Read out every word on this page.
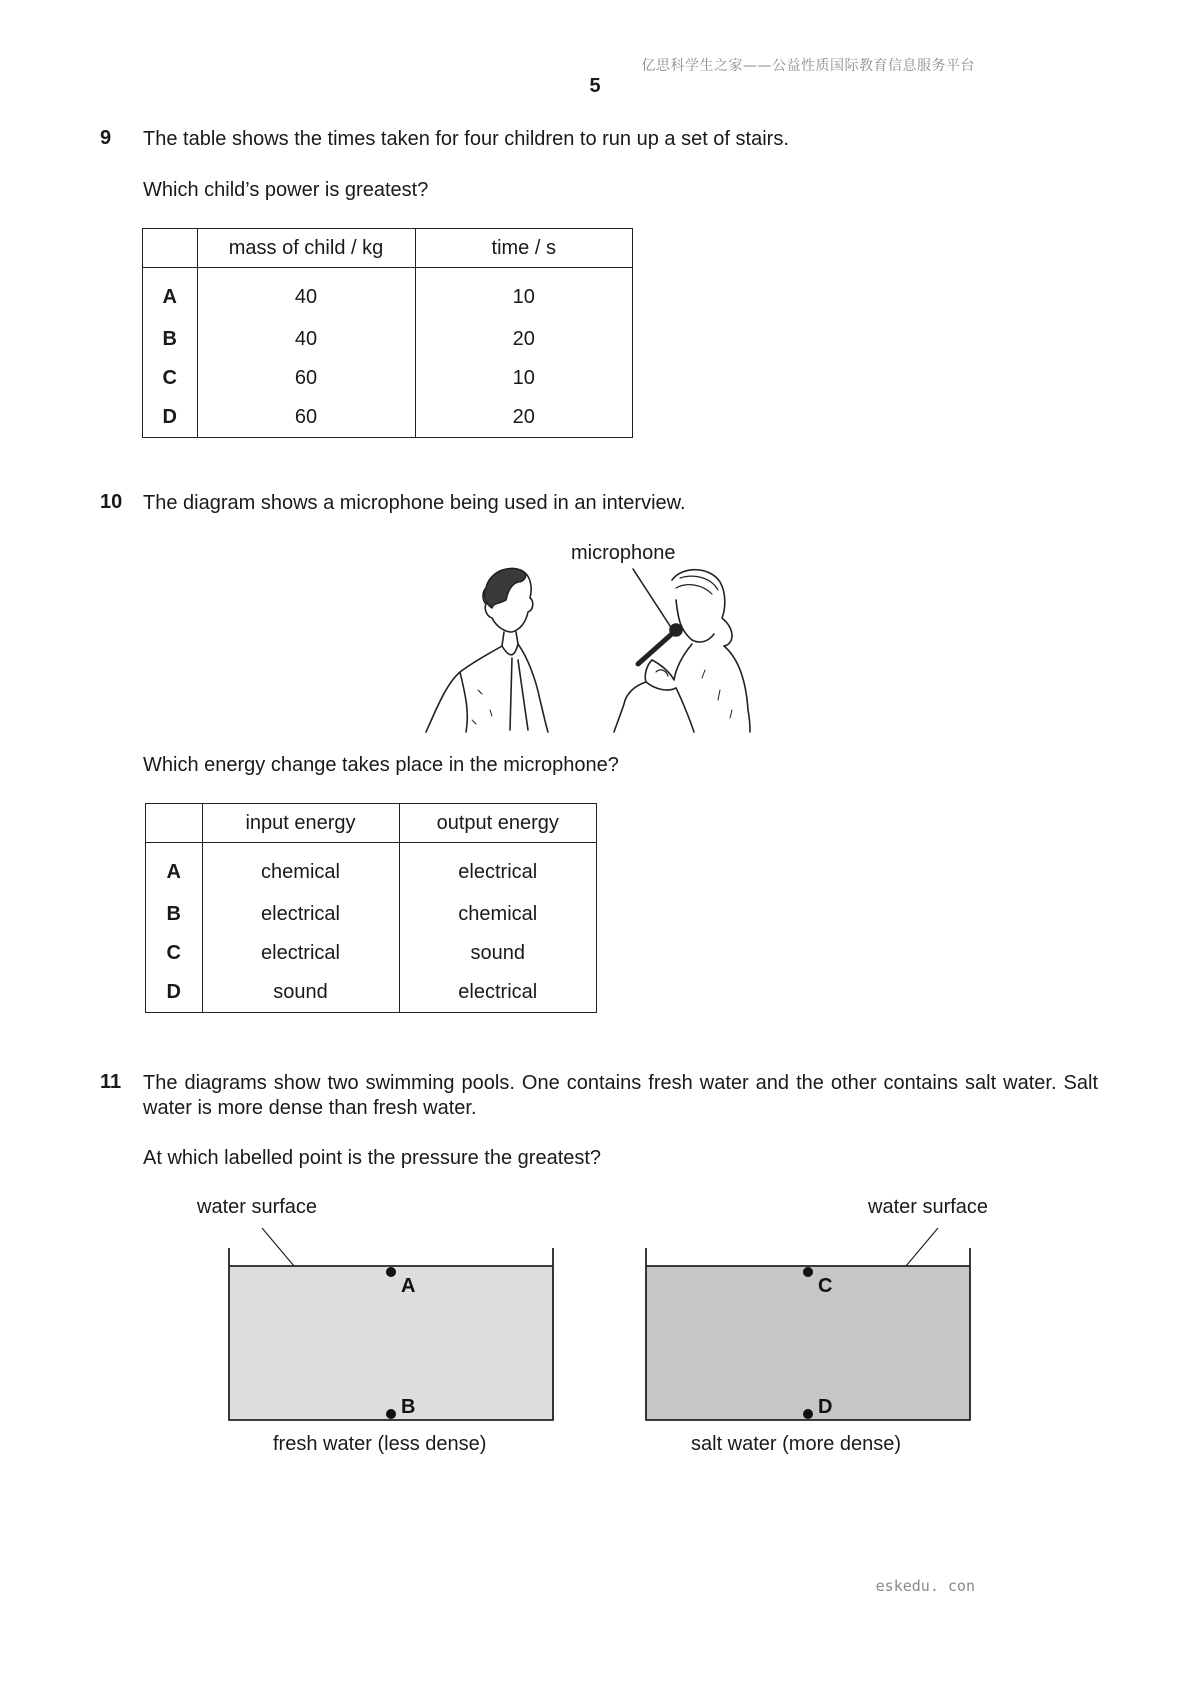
亿思科学生之家——公益性质国际教育信息服务平台
5
9 The table shows the times taken for four children to run up a set of stairs.
Which child’s power is greatest?
	mass of child / kg	time / s
A	40	10
B	40	20
C	60	10
D	60	20
10 The diagram shows a microphone being used in an interview.
microphone
Which energy change takes place in the microphone?
	input energy	output energy
A	chemical	electrical
B	electrical	chemical
C	electrical	sound
D	sound	electrical
11 The diagrams show two swimming pools. One contains fresh water and the other contains salt water. Salt water is more dense than fresh water.
At which labelled point is the pressure the greatest?
water surface	water surface
fresh water (less dense)	salt water (more dense)
A
B
C
D
eskedu. con
